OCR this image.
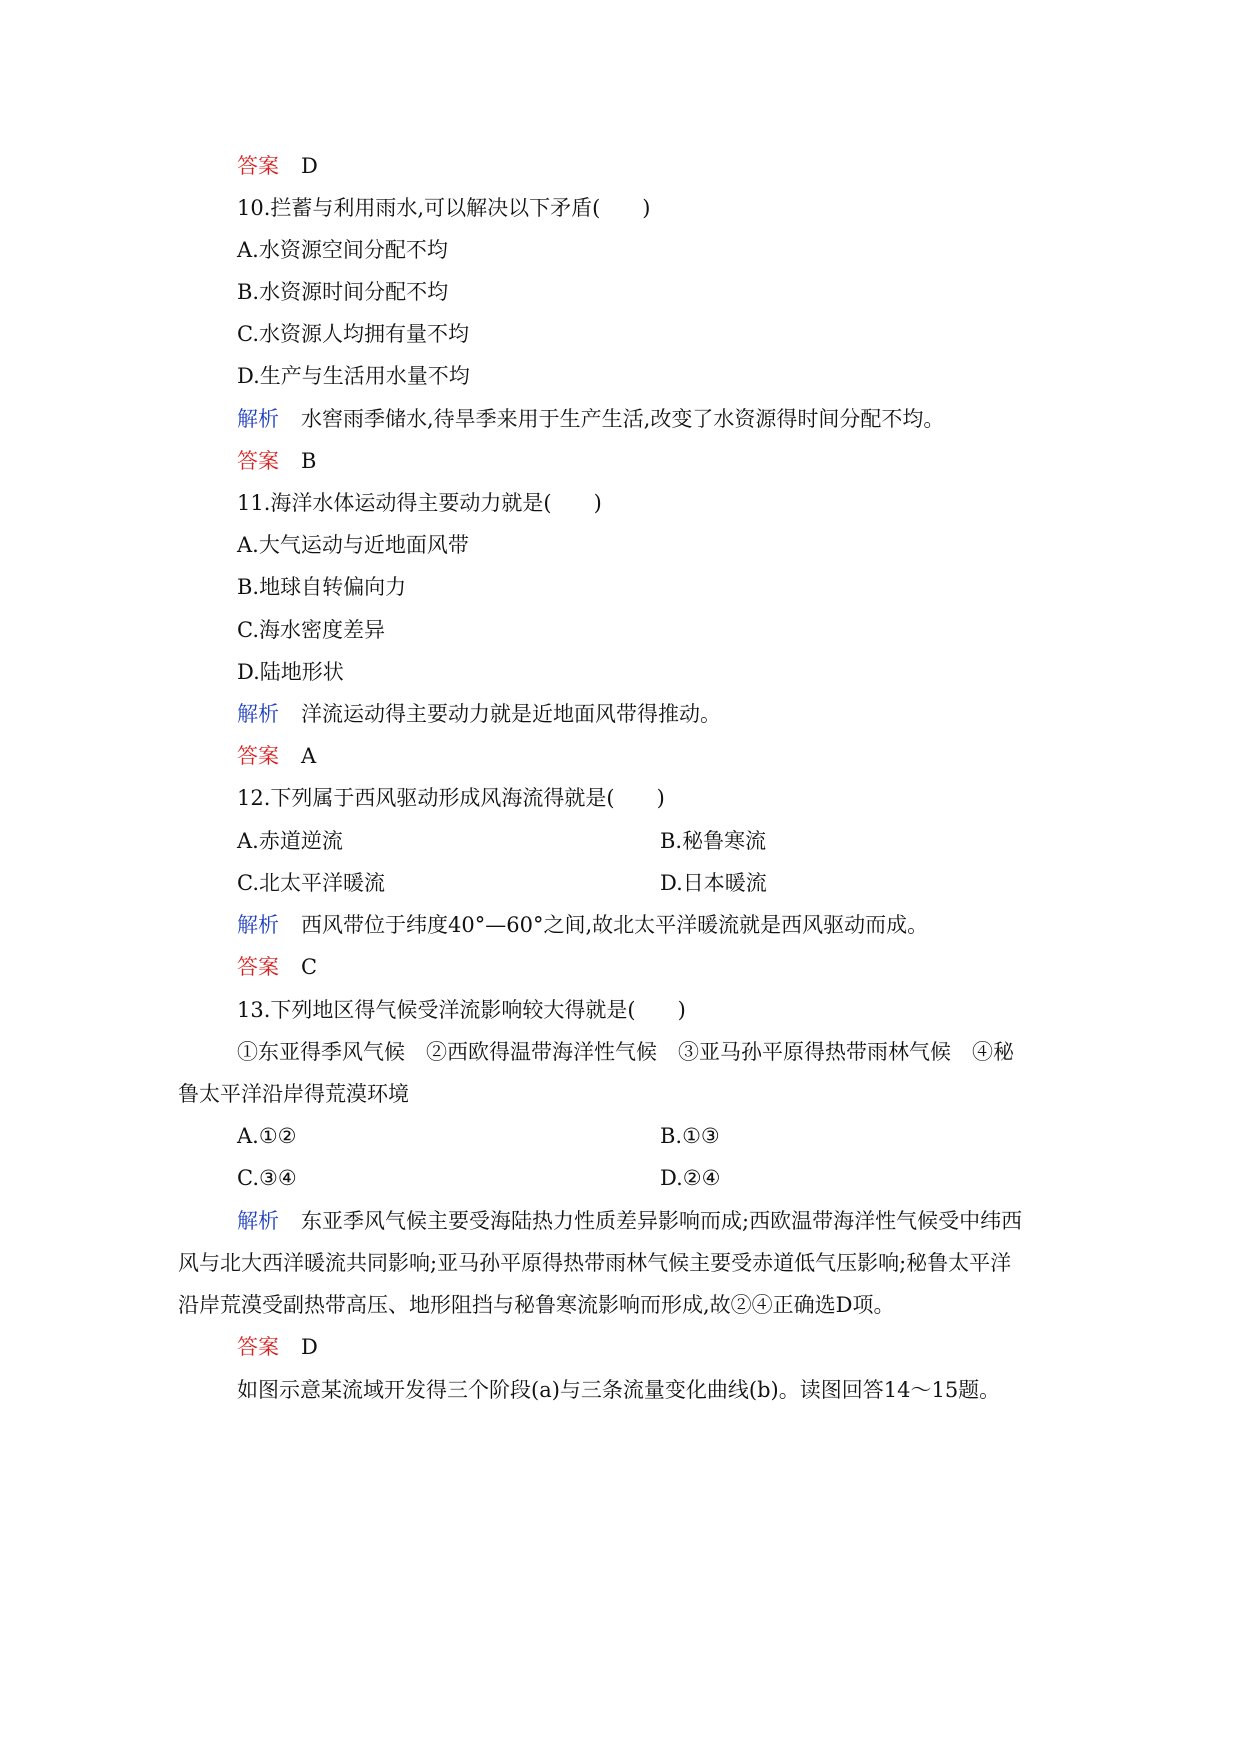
答案 D
10.拦蓄与利用雨水,可以解决以下矛盾(　　)
A.水资源空间分配不均
B.水资源时间分配不均
C.水资源人均拥有量不均
D.生产与生活用水量不均
解析 水窖雨季储水,待旱季来用于生产生活,改变了水资源得时间分配不均。
答案 B
11.海洋水体运动得主要动力就是(　　)
A.大气运动与近地面风带
B.地球自转偏向力
C.海水密度差异
D.陆地形状
解析 洋流运动得主要动力就是近地面风带得推动。
答案 A
12.下列属于西风驱动形成风海流得就是(　　)
A.赤道逆流	B.秘鲁寒流
C.北太平洋暖流	D.日本暖流
解析 西风带位于纬度40°—60°之间,故北太平洋暖流就是西风驱动而成。
答案 C
13.下列地区得气候受洋流影响较大得就是(　　)
①东亚得季风气候　②西欧得温带海洋性气候　③亚马孙平原得热带雨林气候　④秘
鲁太平洋沿岸得荒漠环境
A.①②	B.①③
C.③④	D.②④
解析 东亚季风气候主要受海陆热力性质差异影响而成;西欧温带海洋性气候受中纬西
风与北大西洋暖流共同影响;亚马孙平原得热带雨林气候主要受赤道低气压影响;秘鲁太平洋
沿岸荒漠受副热带高压、地形阻挡与秘鲁寒流影响而形成,故②④正确选D项。
答案 D
如图示意某流域开发得三个阶段(a)与三条流量变化曲线(b)。读图回答14～15题。
